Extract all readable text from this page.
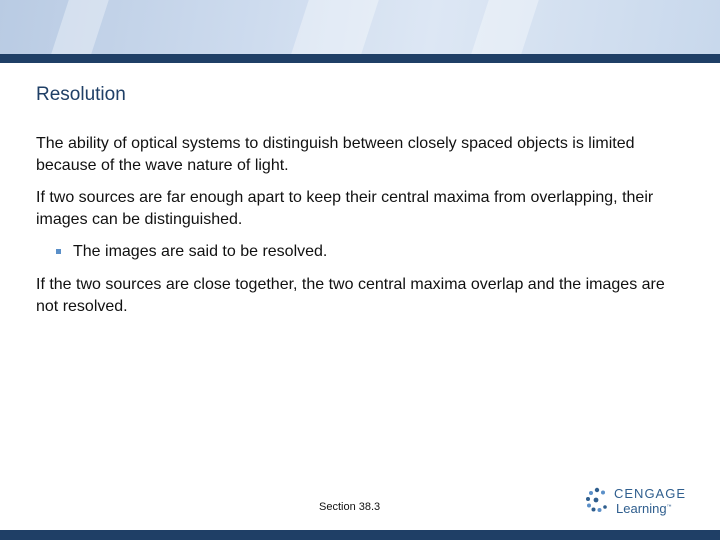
Resolution

The ability of optical systems to distinguish between closely spaced objects is limited because of the wave nature of light.

If two sources are far enough apart to keep their central maxima from overlapping, their images can be distinguished.

The images are said to be resolved.

If the two sources are close together, the two central maxima overlap and the images are not resolved.

Section 38.3
CENGAGE
Learning ™
